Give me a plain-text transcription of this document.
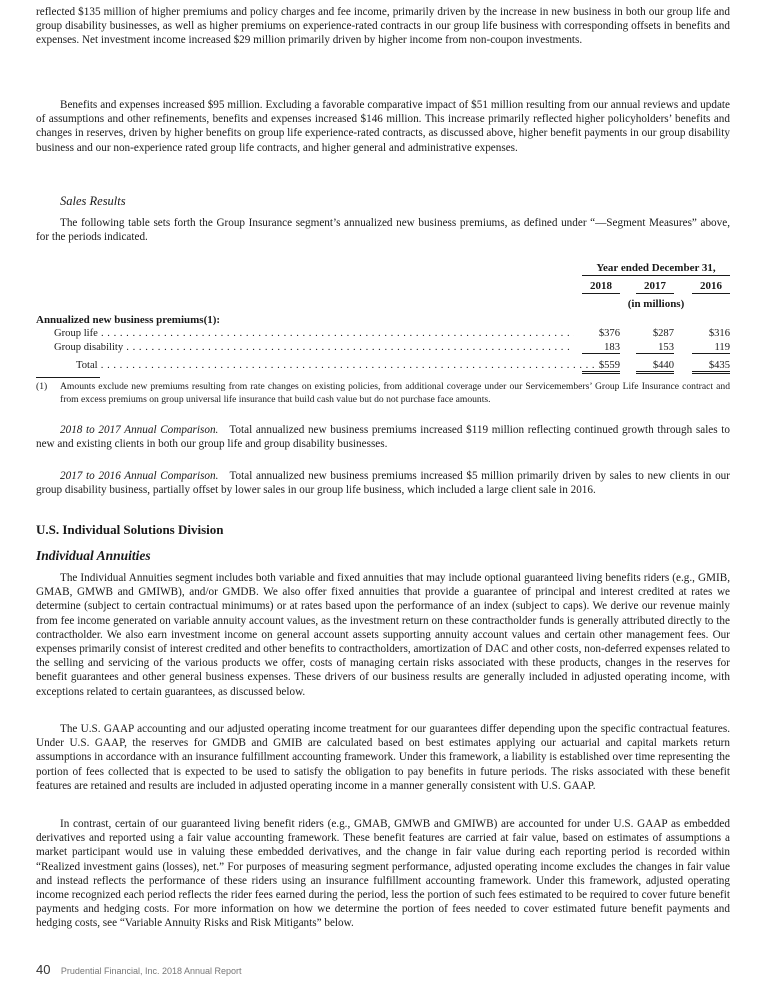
reflected $135 million of higher premiums and policy charges and fee income, primarily driven by the increase in new business in both our group life and group disability businesses, as well as higher premiums on experience-rated contracts in our group life business with corresponding offsets in benefits and expenses. Net investment income increased $29 million primarily driven by higher income from non-coupon investments.

Benefits and expenses increased $95 million. Excluding a favorable comparative impact of $51 million resulting from our annual reviews and update of assumptions and other refinements, benefits and expenses increased $146 million. This increase primarily reflected higher policyholders’ benefits and changes in reserves, driven by higher benefits on group life experience-rated contracts, as discussed above, higher benefit payments in our group disability business and our non-experience rated group life contracts, and higher general and administrative expenses.

Sales Results

The following table sets forth the Group Insurance segment’s annualized new business premiums, as defined under “—Segment Measures” above, for the periods indicated.

Year ended December 31,
2018	2017	2016
(in millions)
Annualized new business premiums(1):
Group life . . .	$376	$287	$316
Group disability . . .	183	153	119
Total . . .	$559	$440	$435
(1) Amounts exclude new premiums resulting from rate changes on existing policies, from additional coverage under our Servicemembers’ Group Life Insurance contract and from excess premiums on group universal life insurance that build cash value but do not purchase face amounts.

2018 to 2017 Annual Comparison. Total annualized new business premiums increased $119 million reflecting continued growth through sales to new and existing clients in both our group life and group disability businesses.

2017 to 2016 Annual Comparison. Total annualized new business premiums increased $5 million primarily driven by sales to new clients in our group disability business, partially offset by lower sales in our group life business, which included a large client sale in 2016.

U.S. Individual Solutions Division
Individual Annuities

The Individual Annuities segment includes both variable and fixed annuities that may include optional guaranteed living benefits riders (e.g., GMIB, GMAB, GMWB and GMIWB), and/or GMDB. We also offer fixed annuities that provide a guarantee of principal and interest credited at rates we determine (subject to certain contractual minimums) or at rates based upon the performance of an index (subject to caps). We derive our revenue mainly from fee income generated on variable annuity account values, as the investment return on these contractholder funds is generally attributed directly to the contractholder. We also earn investment income on general account assets supporting annuity account values and certain other management fees. Our expenses primarily consist of interest credited and other benefits to contractholders, amortization of DAC and other costs, non-deferred expenses related to the selling and servicing of the various products we offer, costs of managing certain risks associated with these products, changes in the reserves for benefit guarantees and other general business expenses. These drivers of our business results are generally included in adjusted operating income, with exceptions related to certain guarantees, as discussed below.

The U.S. GAAP accounting and our adjusted operating income treatment for our guarantees differ depending upon the specific contractual features. Under U.S. GAAP, the reserves for GMDB and GMIB are calculated based on best estimates applying our actuarial and capital markets return assumptions in accordance with an insurance fulfillment accounting framework. Under this framework, a liability is established over time representing the portion of fees collected that is expected to be used to satisfy the obligation to pay benefits in future periods. The risks associated with these benefit features are retained and results are included in adjusted operating income in a manner generally consistent with U.S. GAAP.

In contrast, certain of our guaranteed living benefit riders (e.g., GMAB, GMWB and GMIWB) are accounted for under U.S. GAAP as embedded derivatives and reported using a fair value accounting framework. These benefit features are carried at fair value, based on estimates of assumptions a market participant would use in valuing these embedded derivatives, and the change in fair value during each reporting period is recorded within “Realized investment gains (losses), net.” For purposes of measuring segment performance, adjusted operating income excludes the changes in fair value and instead reflects the performance of these riders using an insurance fulfillment accounting framework. Under this framework, adjusted operating income recognized each period reflects the rider fees earned during the period, less the portion of such fees estimated to be required to cover future benefit payments and hedging costs. For more information on how we determine the portion of fees needed to cover estimated future benefit payments and hedging costs, see “Variable Annuity Risks and Risk Mitigants” below.

40 Prudential Financial, Inc. 2018 Annual Report
